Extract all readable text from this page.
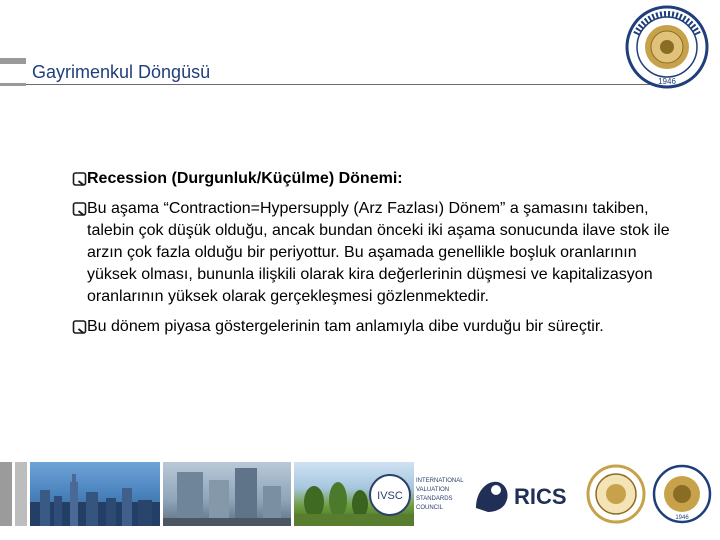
Gayrimenkul Döngüsü	1946
Recession (Durgunluk/Küçülme) Dönemi:
Bu aşama “Contraction=Hypersupply (Arz Fazlası) Dönem” a şamasını takiben, talebin çok düşük olduğu, ancak bundan önceki iki aşama sonucunda ilave stok ile arzın çok fazla olduğu bir periyottur. Bu aşamada genellikle boşluk oranlarının yüksek olması, bununla ilişkili olarak kira değerlerinin düşmesi ve kapitalizasyon oranlarının yüksek olarak gerçekleşmesi gözlenmektedir.
Bu dönem piyasa göstergelerinin tam anlamıyla dibe vurduğu bir süreçtir.
IVSC
INTERNATIONAL
VALUATION
STANDARDS
COUNCIL	RICS
1946
